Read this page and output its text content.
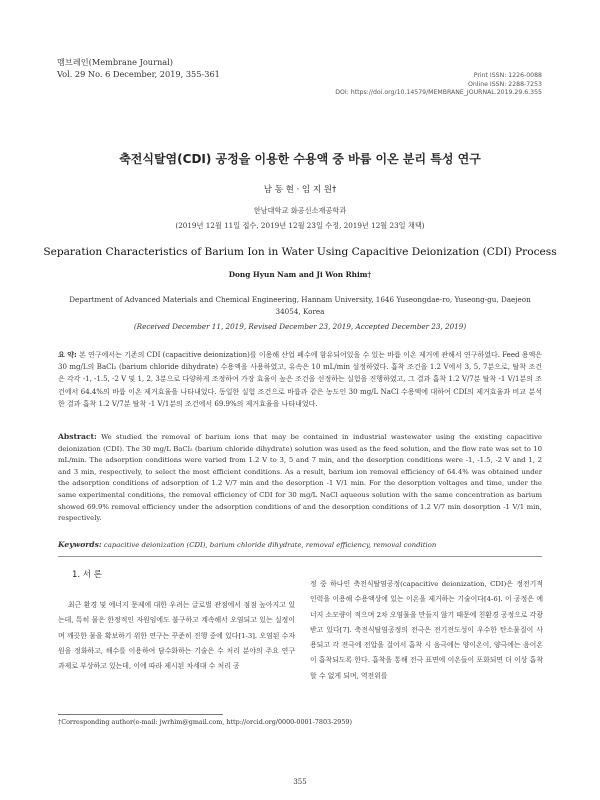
멤브레인(Membrane Journal)
Vol. 29 No. 6 December, 2019, 355-361	Print ISSN: 1226-0088
Online ISSN: 2288-7253
DOI: https://doi.org/10.14579/MEMBRANE_JOURNAL.2019.29.6.355
축전식탈염(CDI) 공정을 이용한 수용액 중 바륨 이온 분리 특성 연구
남 동 현 · 임 지 원†
한남대학교 화공신소재공학과
(2019년 12월 11일 접수, 2019년 12월 23일 수정, 2019년 12월 23일 채택)
Separation Characteristics of Barium Ion in Water Using Capacitive Deionization (CDI) Process
Dong Hyun Nam and Ji Won Rhim†
Department of Advanced Materials and Chemical Engineering, Hannam University, 1646 Yuseongdae-ro, Yuseong-gu, Daejeon 34054, Korea
(Received December 11, 2019, Revised December 23, 2019, Accepted December 23, 2019)
요 약: 본 연구에서는 기존의 CDI (capacitive deionization)를 이용해 산업 폐수에 함유되어있을 수 있는 바륨 이온 제거에 관해서 연구하였다. Feed 용액은 30 mg/L의 BaCl₂ (barium chloride dihydrate) 수용액을 사용하였고, 유속은 10 mL/min 설정하였다. 흡착 조건을 1.2 V에서 3, 5, 7분으로, 탈착 조건은 각각 -1, -1.5, -2 V 및 1, 2, 3분으로 다양하게 조정하여 가장 효율이 높은 조건을 선정하는 실험을 진행하였고, 그 결과 흡착 1.2 V/7분 탈착 -1 V/1분의 조건에서 64.4%의 바륨 이온 제거효율을 나타내었다. 동일한 실험 조건으로 바륨과 같은 농도인 30 mg/L NaCl 수용액에 대하여 CDI의 제거효율과 비교 분석한 결과 흡착 1.2 V/7분 탈착 -1 V/1분의 조건에서 69.9%의 제거효율을 나타내었다.
Abstract: We studied the removal of barium ions that may be contained in industrial wastewater using the existing capacitive deionization (CDI). The 30 mg/L BaCl₂ (barium chloride dihydrate) solution was used as the feed solution, and the flow rate was set to 10 mL/min. The adsorption conditions were varied from 1.2 V to 3, 5 and 7 min, and the desorption conditions were -1, -1.5, -2 V and 1, 2 and 3 min, respectively, to select the most efficient conditions. As a result, barium ion removal efficiency of 64.4% was obtained under the adsorption conditions of adsorption of 1.2 V/7 min and the desorption -1 V/1 min. For the desorption voltages and time, under the same experimental conditions, the removal efficiency of CDI for 30 mg/L NaCl aqueous solution with the same concentration as barium showed 69.9% removal efficiency under the adsorption conditions of and the desorption conditions of 1.2 V/7 min desorption -1 V/1 min, respectively.
Keywords: capacitive deionization (CDI), barium chloride dihydrate, removal efficiency, removal condition
1. 서 론
최근 환경 및 에너지 문제에 대한 우려는 글로벌 관점에서 점점 높아지고 있는데, 특히 물은 한정적인 자원임에도 불구하고 계속해서 오염되고 있는 실정이며 깨끗한 물을 확보하기 위한 연구는 꾸준히 진행 중에 있다[1-3]. 오염된 수자원을 정화하고, 해수를 이용하여 담수화하는 기술은 수 처리 분야의 주요 연구 과제로 부상하고 있는데, 이에 따라 제시된 차세대 수 처리 공
정 중 하나인 축전식탈염공정(capacitive deionization, CDI)은 정전기적 인력을 이용해 수용액상에 있는 이온을 제거하는 기술이다[4-6]. 이 공정은 에너지 소모량이 적으며 2차 오염물을 만들지 않기 때문에 친환경 공정으로 각광받고 있다[7]. 축전식탈염공정의 전극은 전기전도성이 우수한 탄소물질이 사용되고 각 전극에 전압을 걸어서 흡착 시 음극에는 양이온이, 양극에는 음이온이 흡착되도록 한다. 흡착을 통해 전극 표면에 이온들이 포화되면 더 이상 흡착할 수 없게 되며, 역전위를
†Corresponding author(e-mail: jwrhim@gmail.com, http://orcid.org/0000-0001-7803-2959)
355
